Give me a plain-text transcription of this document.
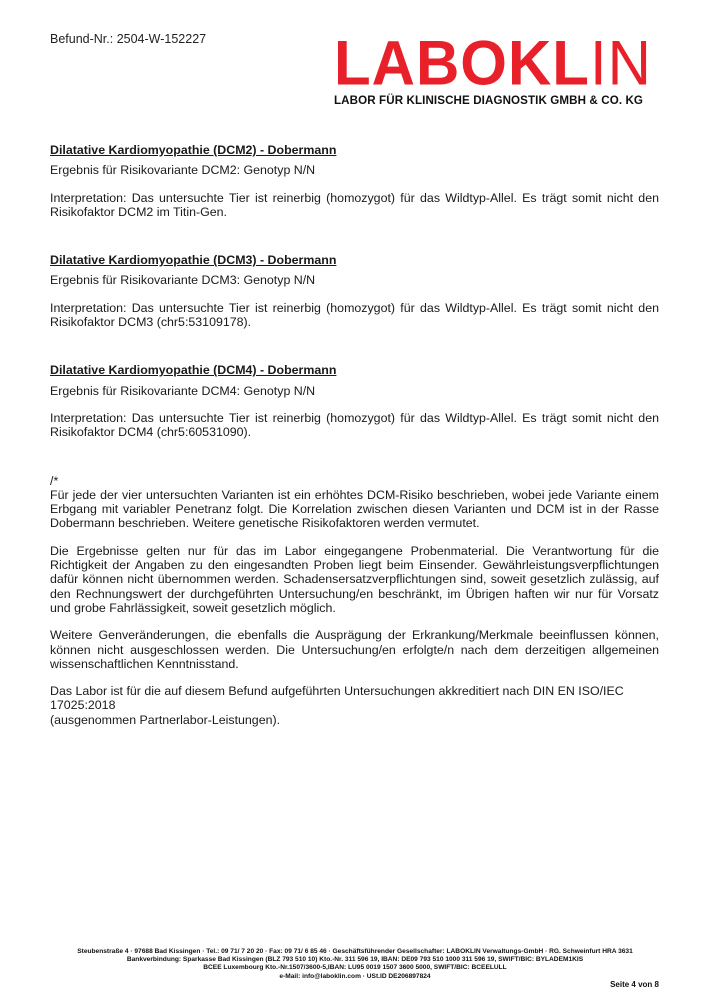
Befund-Nr.: 2504-W-152227 LABOKLIN
LABOR FÜR KLINISCHE DIAGNOSTIK GMBH & CO. KG

Dilatative Kardiomyopathie (DCM2) - Dobermann

Ergebnis für Risikovariante DCM2: Genotyp N/N

Interpretation: Das untersuchte Tier ist reinerbig (homozygot) für das Wildtyp-Allel. Es trägt somit nicht den Risikofaktor DCM2 im Titin-Gen.

Dilatative Kardiomyopathie (DCM3) - Dobermann

Ergebnis für Risikovariante DCM3: Genotyp N/N

Interpretation: Das untersuchte Tier ist reinerbig (homozygot) für das Wildtyp-Allel. Es trägt somit nicht den Risikofaktor DCM3 (chr5:53109178).

Dilatative Kardiomyopathie (DCM4) - Dobermann

Ergebnis für Risikovariante DCM4: Genotyp N/N

Interpretation: Das untersuchte Tier ist reinerbig (homozygot) für das Wildtyp-Allel. Es trägt somit nicht den Risikofaktor DCM4 (chr5:60531090).

/*

Für jede der vier untersuchten Varianten ist ein erhöhtes DCM-Risiko beschrieben, wobei jede Variante einem Erbgang mit variabler Penetranz folgt. Die Korrelation zwischen diesen Varianten und DCM ist in der Rasse Dobermann beschrieben. Weitere genetische Risikofaktoren werden vermutet.

Die Ergebnisse gelten nur für das im Labor eingegangene Probenmaterial. Die Verantwortung für die Richtigkeit der Angaben zu den eingesandten Proben liegt beim Einsender. Gewährleistungsverpflichtungen dafür können nicht übernommen werden. Schadensersatzverpflichtungen sind, soweit gesetzlich zulässig, auf den Rechnungswert der durchgeführten Untersuchung/en beschränkt, im Übrigen haften wir nur für Vorsatz und grobe Fahrlässigkeit, soweit gesetzlich möglich.

Weitere Genveränderungen, die ebenfalls die Ausprägung der Erkrankung/Merkmale beeinflussen können, können nicht ausgeschlossen werden. Die Untersuchung/en erfolgte/n nach dem derzeitigen allgemeinen wissenschaftlichen Kenntnisstand.

Das Labor ist für die auf diesem Befund aufgeführten Untersuchungen akkreditiert nach DIN EN ISO/IEC 17025:2018
(ausgenommen Partnerlabor-Leistungen).

Steubenstraße 4 · 97688 Bad Kissingen · Tel.: 09 71/ 7 20 20 · Fax: 09 71/ 6 85 46 · Geschäftsführender Gesellschafter: LABOKLIN Verwaltungs-GmbH · RG. Schweinfurt HRA 3631
Bankverbindung: Sparkasse Bad Kissingen (BLZ 793 510 10) Kto.-Nr. 311 596 19, IBAN: DE09 793 510 1000 311 596 19, SWIFT/BIC: BYLADEM1KIS
BCEE Luxembourg Kto.-Nr.1507/3600-5,IBAN: LU95 0019 1507 3600 5000, SWIFT/BIC: BCEELULL
e-Mail: info@laboklin.com · USt.ID DE206897824
Seite 4 von 8
